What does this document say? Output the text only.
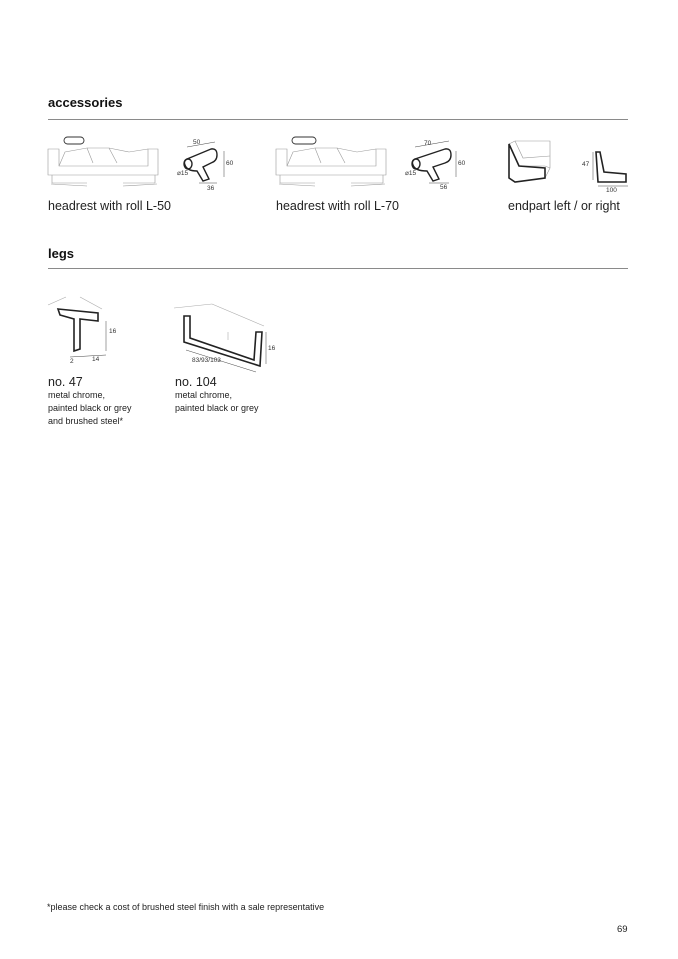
accessories
50
60
⌀15
36
headrest with roll L-50
70
60
⌀15
56
headrest with roll L-70
47
100
endpart left / or right
legs
16
2	14
no. 47
metal chrome,
painted black or grey
and brushed steel*
16
83/93/103
no. 104
metal chrome,
painted black or grey
*please check a cost of brushed steel finish with a sale representative
69
